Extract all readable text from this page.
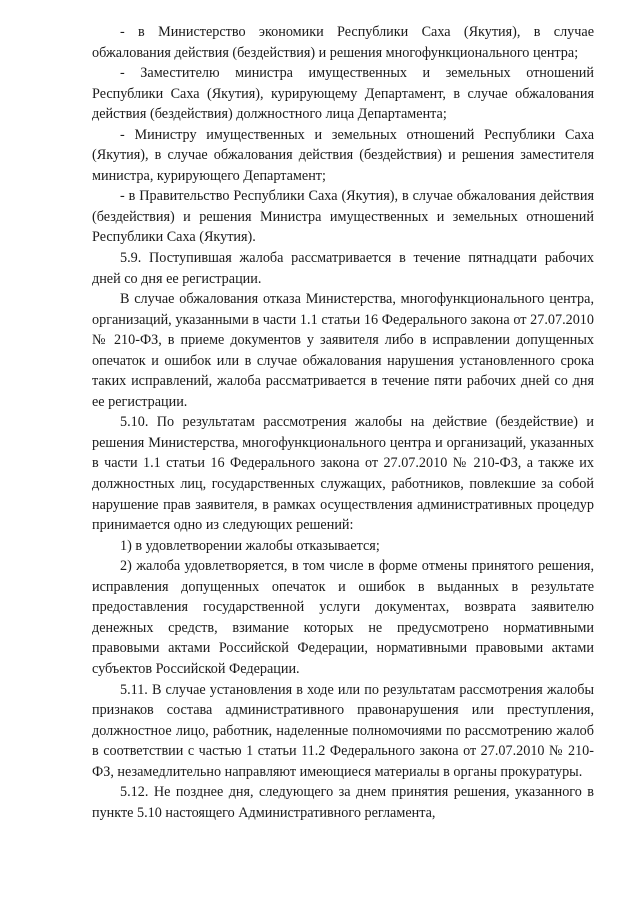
- в Министерство экономики Республики Саха (Якутия), в случае обжалования действия (бездействия) и решения многофункционального центра;

- Заместителю министра имущественных и земельных отношений Республики Саха (Якутия), курирующему Департамент, в случае обжалования действия (бездействия) должностного лица Департамента;

- Министру имущественных и земельных отношений Республики Саха (Якутия), в случае обжалования действия (бездействия) и решения заместителя министра, курирующего Департамент;

- в Правительство Республики Саха (Якутия), в случае обжалования действия (бездействия) и решения Министра имущественных и земельных отношений Республики Саха (Якутия).

5.9. Поступившая жалоба рассматривается в течение пятнадцати рабочих дней со дня ее регистрации.

В случае обжалования отказа Министерства, многофункционального центра, организаций, указанными в части 1.1 статьи 16 Федерального закона от 27.07.2010 № 210-ФЗ, в приеме документов у заявителя либо в исправлении допущенных опечаток и ошибок или в случае обжалования нарушения установленного срока таких исправлений, жалоба рассматривается в течение пяти рабочих дней со дня ее регистрации.

5.10. По результатам рассмотрения жалобы на действие (бездействие) и решения Министерства, многофункционального центра и организаций, указанных в части 1.1 статьи 16 Федерального закона от 27.07.2010 № 210-ФЗ, а также их должностных лиц, государственных служащих, работников, повлекшие за собой нарушение прав заявителя, в рамках осуществления административных процедур принимается одно из следующих решений:

1) в удовлетворении жалобы отказывается;

2) жалоба удовлетворяется, в том числе в форме отмены принятого решения, исправления допущенных опечаток и ошибок в выданных в результате предоставления государственной услуги документах, возврата заявителю денежных средств, взимание которых не предусмотрено нормативными правовыми актами Российской Федерации, нормативными правовыми актами субъектов Российской Федерации.

5.11. В случае установления в ходе или по результатам рассмотрения жалобы признаков состава административного правонарушения или преступления, должностное лицо, работник, наделенные полномочиями по рассмотрению жалоб в соответствии с частью 1 статьи 11.2 Федерального закона от 27.07.2010 № 210-ФЗ, незамедлительно направляют имеющиеся материалы в органы прокуратуры.

5.12. Не позднее дня, следующего за днем принятия решения, указанного в пункте 5.10 настоящего Административного регламента,
